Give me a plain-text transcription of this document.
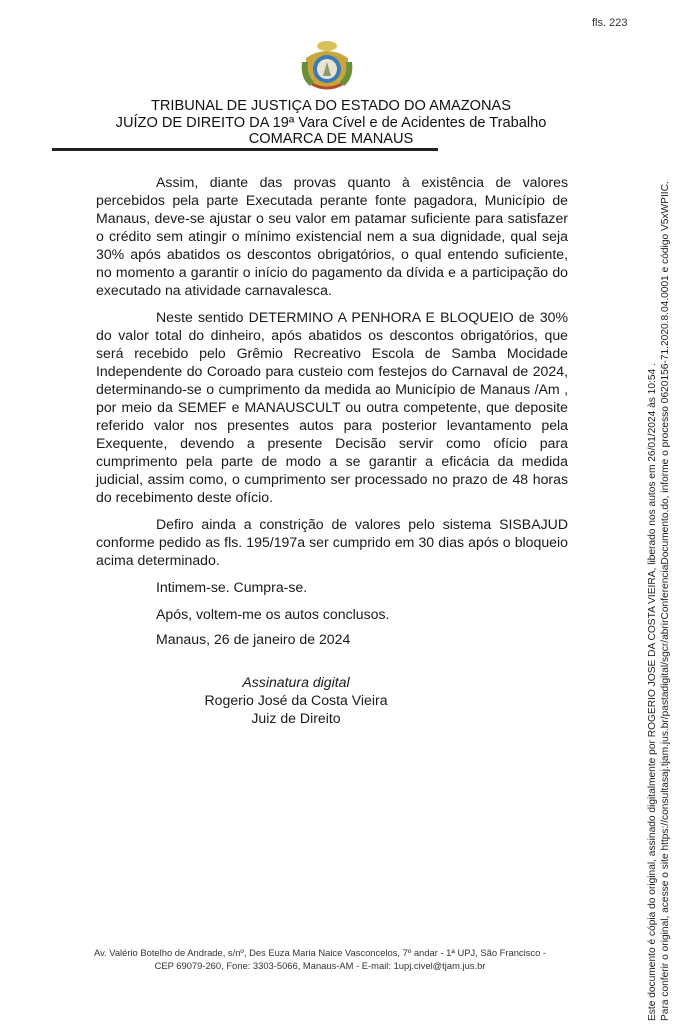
fls. 223
TRIBUNAL DE JUSTIÇA DO ESTADO DO AMAZONAS
JUÍZO DE DIREITO DA 19ª Vara Cível e de Acidentes de Trabalho
COMARCA DE MANAUS

Assim, diante das provas quanto à existência de valores percebidos pela parte Executada perante fonte pagadora, Município de Manaus, deve-se ajustar o seu valor em patamar suficiente para satisfazer o crédito sem atingir o mínimo existencial nem a sua dignidade, qual seja 30% após abatidos os descontos obrigatórios, o qual entendo suficiente, no momento a garantir o início do pagamento da dívida e a participação do executado na atividade carnavalesca.

Neste sentido DETERMINO A PENHORA E BLOQUEIO de 30% do valor total do dinheiro, após abatidos os descontos obrigatórios, que será recebido pelo Grêmio Recreativo Escola de Samba Mocidade Independente do Coroado para custeio com festejos do Carnaval de 2024, determinando-se o cumprimento da medida ao Município de Manaus /Am , por meio da SEMEF e MANAUSCULT ou outra competente, que deposite referido valor nos presentes autos para posterior levantamento pela Exequente, devendo a presente Decisão servir como ofício para cumprimento pela parte de modo a se garantir a eficácia da medida judicial, assim como, o cumprimento ser processado no prazo de 48 horas do recebimento deste ofício.

Defiro ainda a constrição de valores pelo sistema SISBAJUD conforme pedido as fls. 195/197a ser cumprido em 30 dias após o bloqueio acima determinado.

Intimem-se. Cumpra-se.

Após, voltem-me os autos conclusos.

Manaus, 26 de janeiro de 2024
Assinatura digital
Rogerio José da Costa Vieira
Juiz de Direito
Av. Valério Botelho de Andrade, s/nº, Des Euza Maria Naice Vasconcelos, 7º andar - 1ª UPJ, São Francisco -
CEP 69079-260, Fone: 3303-5066, Manaus-AM - E-mail: 1upj.civel@tjam.jus.br	Este documento é cópia do original, assinado digitalmente por ROGERIO JOSE DA COSTA VIEIRA, liberado nos autos em 26/01/2024 às 10:54 . Para conferir o original, acesse o site https://consultasaj.tjam.jus.br/pastadigital/sgcr/abrirConferenciaDocumento.do, informe o processo 0620156-71.2020.8.04.0001 e código V5xWPIIC.
